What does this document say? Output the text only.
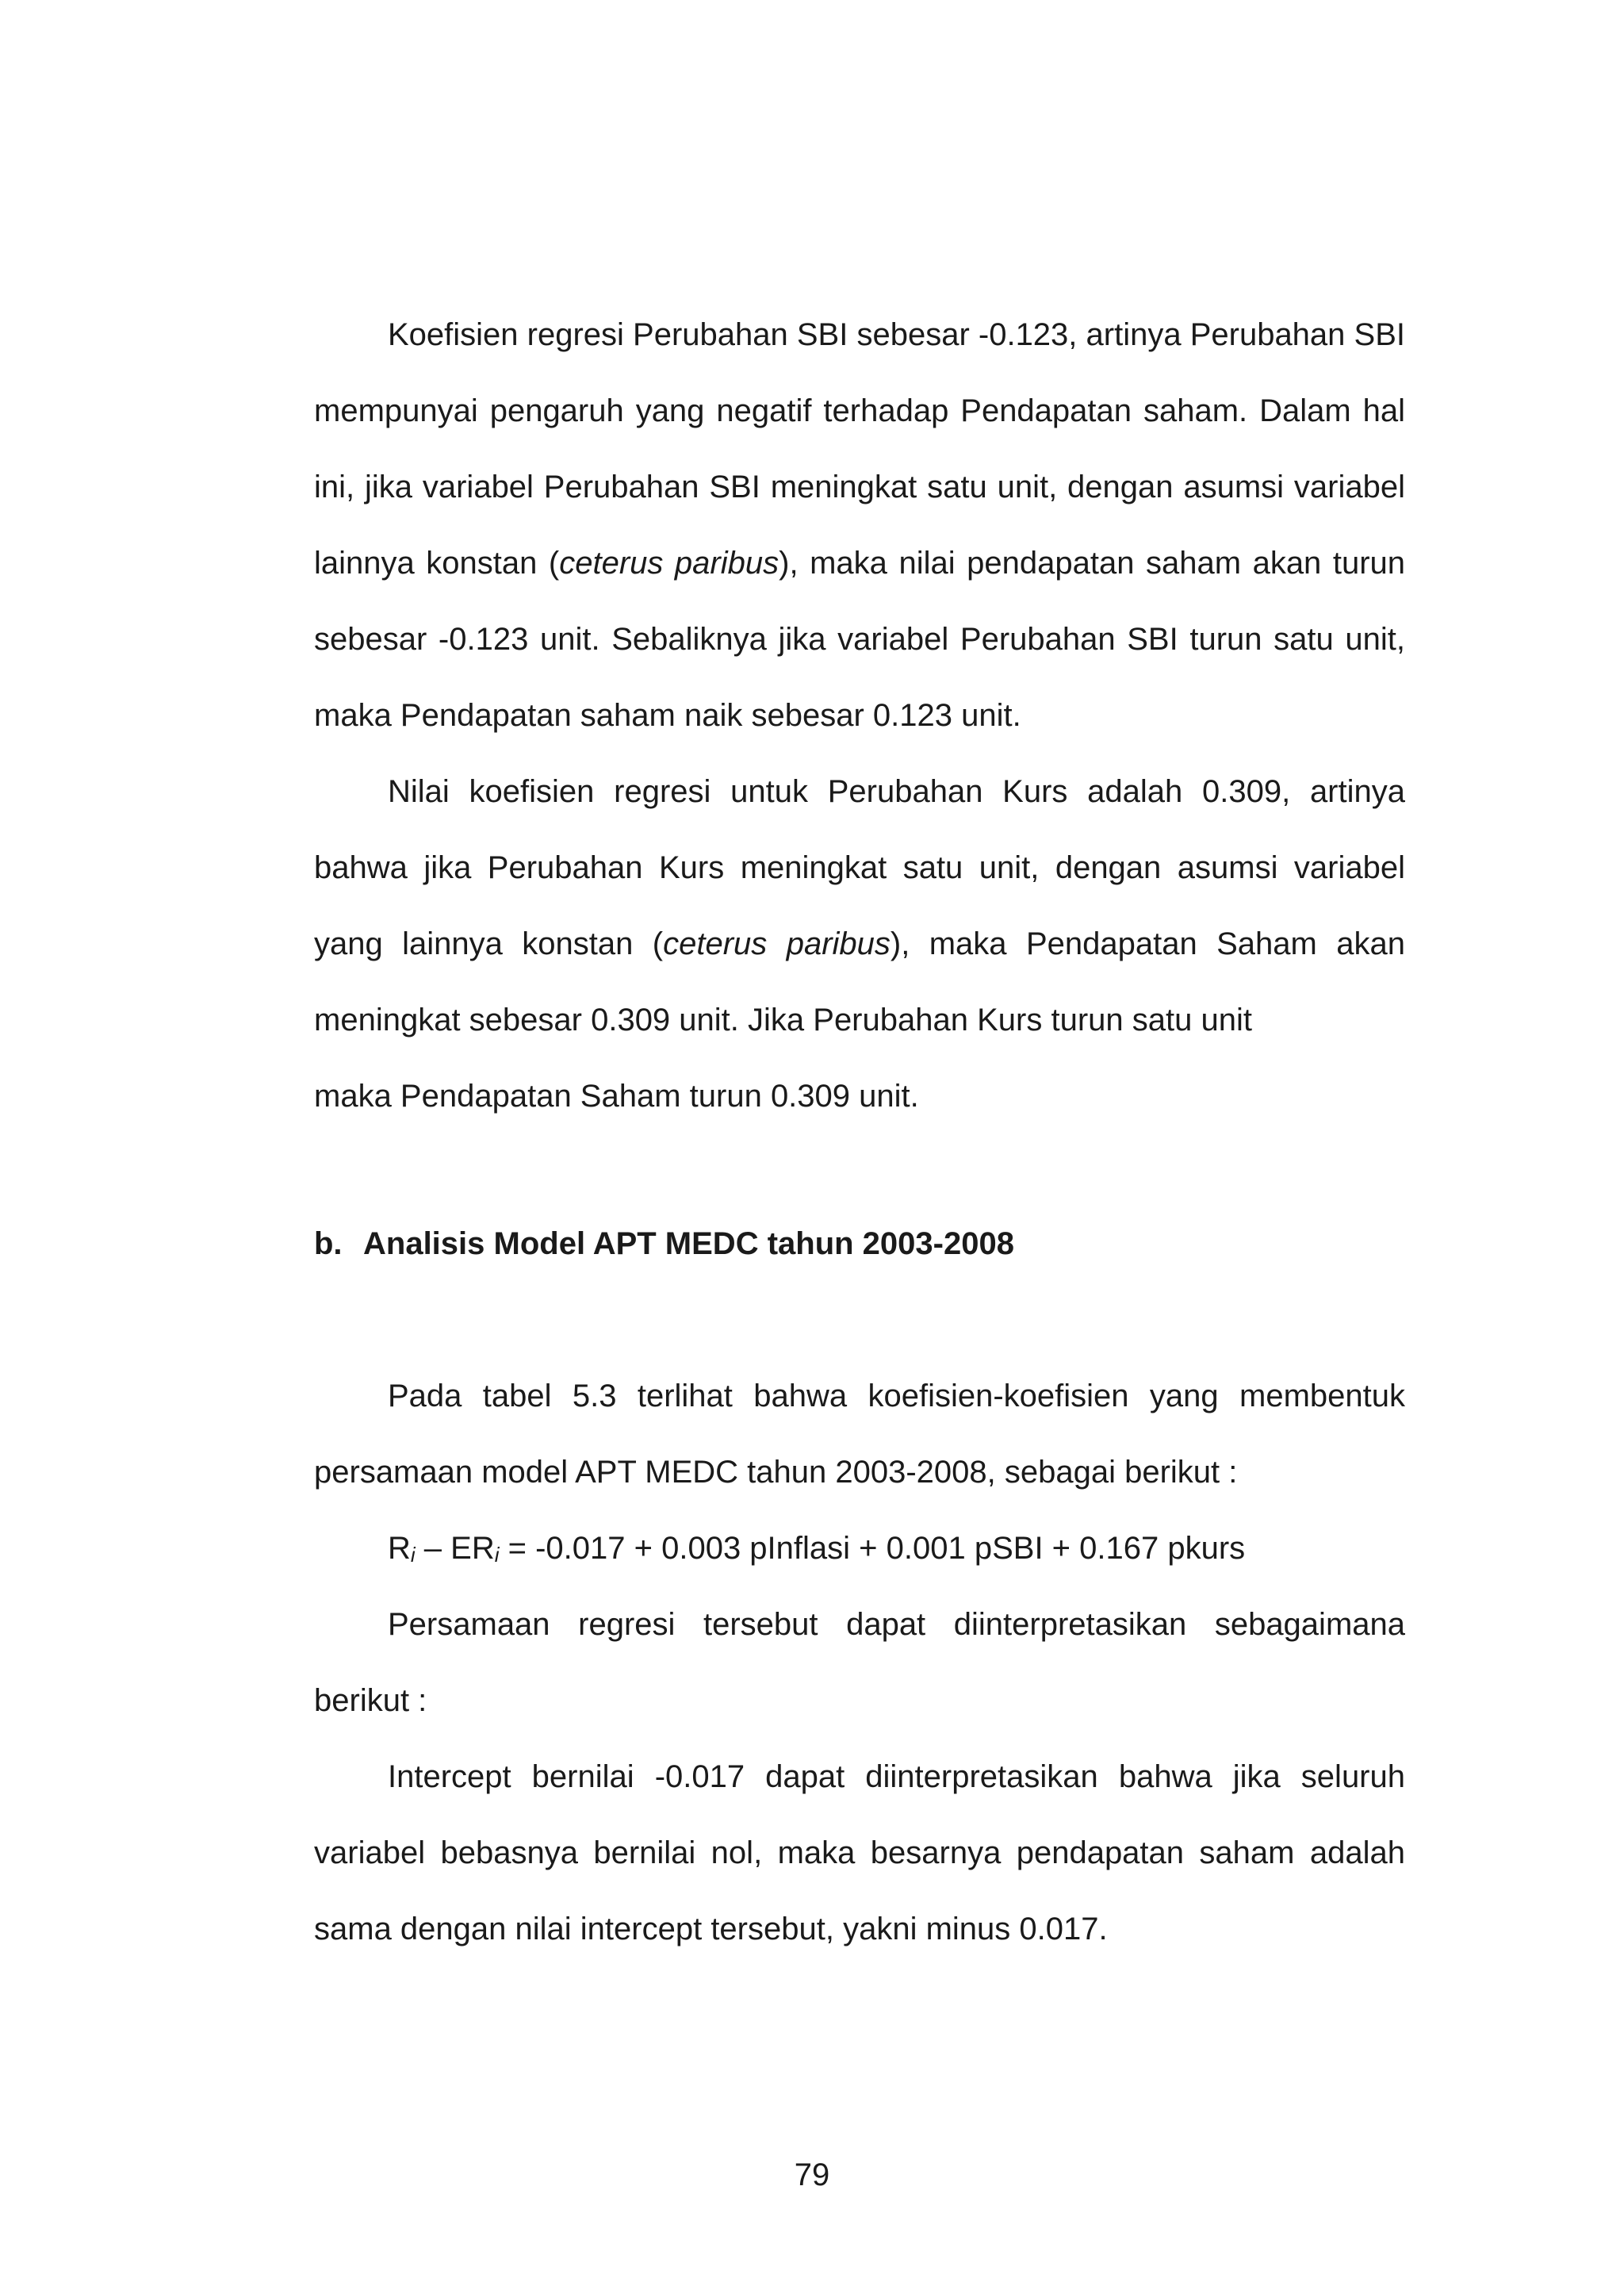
Koefisien regresi Perubahan SBI sebesar -0.123, artinya Perubahan SBI mempunyai pengaruh yang negatif terhadap Pendapatan saham. Dalam hal ini, jika variabel Perubahan SBI meningkat satu unit, dengan asumsi variabel lainnya konstan (ceterus paribus), maka nilai pendapatan saham akan turun sebesar -0.123 unit. Sebaliknya jika variabel Perubahan SBI turun satu unit, maka Pendapatan saham naik sebesar 0.123 unit.

Nilai koefisien regresi untuk Perubahan Kurs adalah 0.309, artinya bahwa jika Perubahan Kurs meningkat satu unit, dengan asumsi variabel yang lainnya konstan (ceterus paribus), maka Pendapatan Saham akan meningkat sebesar 0.309 unit. Jika Perubahan Kurs turun satu unit
maka Pendapatan Saham turun 0.309 unit.

b. Analisis Model APT MEDC tahun 2003-2008

Pada tabel 5.3 terlihat bahwa koefisien-koefisien yang membentuk persamaan model APT MEDC tahun 2003-2008, sebagai berikut :

$R_i - ER_i = -0.017 + 0.003$ pInflasi + 0.001 pSBI + 0.167 pkurs

Persamaan regresi tersebut dapat diinterpretasikan sebagaimana berikut :

Intercept bernilai -0.017 dapat diinterpretasikan bahwa jika seluruh variabel bebasnya bernilai nol, maka besarnya pendapatan saham adalah sama dengan nilai intercept tersebut, yakni minus 0.017.

79
